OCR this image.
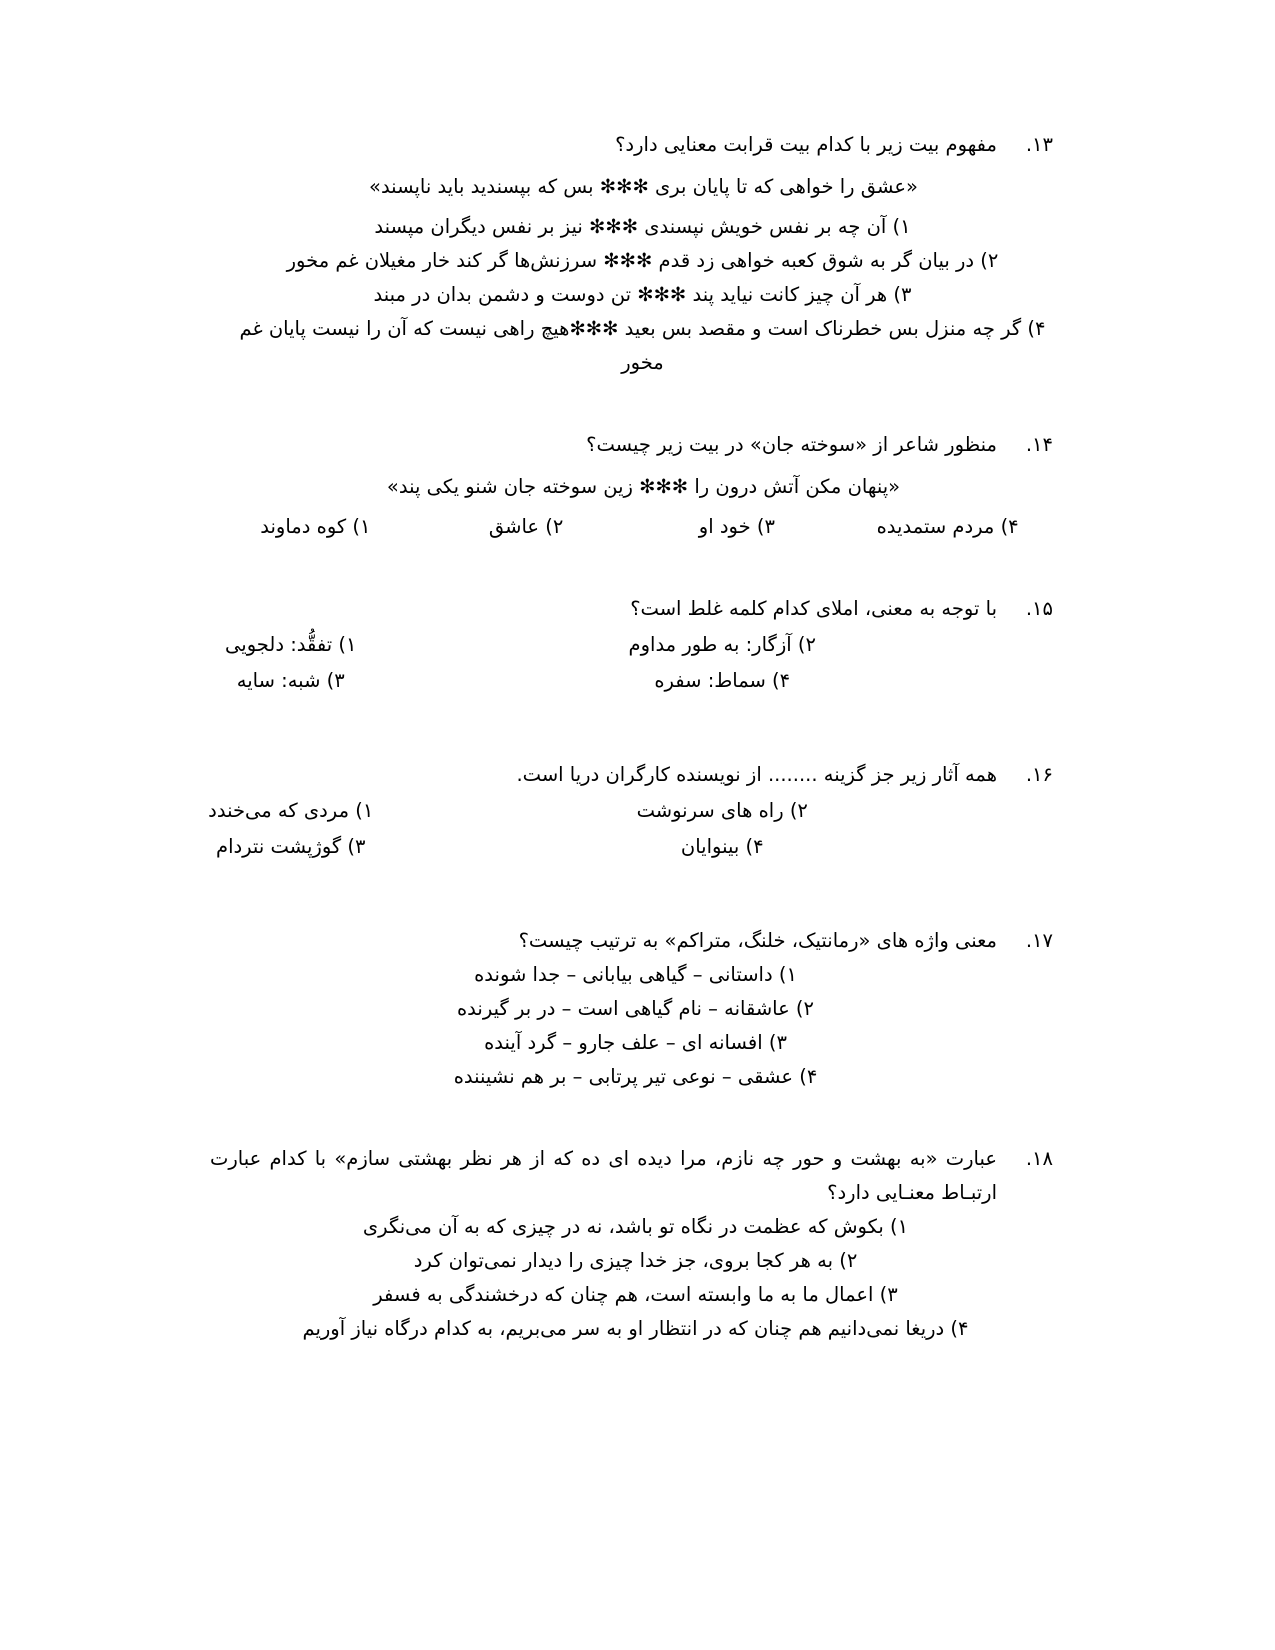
۱۳.
مفهوم بیت زیر با کدام بیت قرابت معنایی دارد؟
«عشق را خواهی که تا پایان بری ✻✻✻ بس که بپسندید باید ناپسند»
۱) آن چه بر نفس خویش نپسندی ✻✻✻ نیز بر نفس دیگران مپسند
۲) در بیان گر به شوق کعبه خواهی زد قدم ✻✻✻ سرزنش‌ها گر کند خار مغیلان غم مخور
۳) هر آن چیز کانت نیاید پند ✻✻✻ تن دوست و دشمن بدان در مبند
۴) گر چه منزل بس خطرناک است و مقصد بس بعید ✻✻✻هیچ راهی نیست که آن را نیست پایان غم مخور
۱۴.
منظور شاعر از «سوخته جان» در بیت زیر چیست؟
«پنهان مکن آتش درون را ✻✻✻ زین سوخته جان شنو یکی پند»
۴) مردم ستمدیده
۳) خود او
۲) عاشق
۱) کوه دماوند
۱۵.
با توجه به معنی، املای کدام کلمه غلط است؟
۲) آزگار: به طور مداوم
۱) تفقُّد: دلجویی
۴) سماط: سفره
۳) شبه: سایه
۱۶.
همه آثار زیر جز گزینه ........ از نویسنده کارگران دریا است.
۲) راه های سرنوشت
۱) مردی که می‌خندد
۴) بینوایان
۳) گوژپشت نتردام
۱۷.
معنی واژه های «رمانتیک، خلنگ، متراکم» به ترتیب چیست؟
۱) داستانی – گیاهی بیابانی – جدا شونده
۲) عاشقانه – نام گیاهی است – در بر گیرنده
۳) افسانه ای – علف جارو – گرد آینده
۴) عشقی – نوعی تیر پرتابی – بر هم نشیننده
۱۸.
عبارت «به بهشت و حور چه نازم، مرا دیده ای ده که از هر نظر بهشتی سازم» با کدام عبارت ارتبـاط معنـایی دارد؟
۱) بکوش که عظمت در نگاه تو باشد، نه در چیزی که به آن می‌نگری
۲) به هر کجا بروی، جز خدا چیزی را دیدار نمی‌توان کرد
۳) اعمال ما به ما وابسته است، هم چنان که درخشندگی به فسفر
۴) دریغا نمی‌دانیم هم چنان که در انتظار او به سر می‌بریم، به کدام درگاه نیاز آوریم
